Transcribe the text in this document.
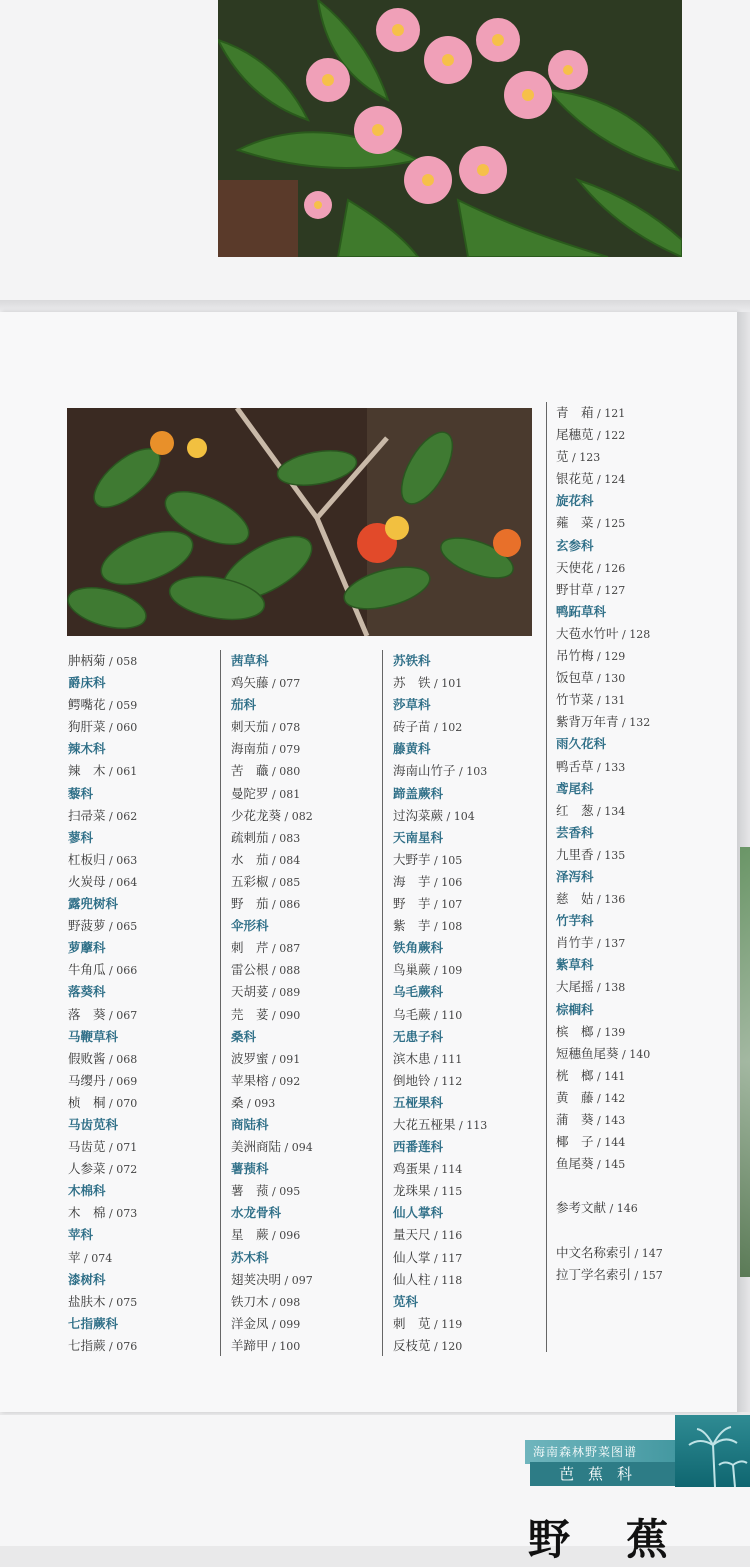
肿柄菊 / 058
爵床科
鳄嘴花 / 059
狗肝菜 / 060
辣木科
辣　木 / 061
藜科
扫帚菜 / 062
蓼科
杠板归 / 063
火炭母 / 064
露兜树科
野菠萝 / 065
萝藦科
牛角瓜 / 066
落葵科
落　葵 / 067
马鞭草科
假败酱 / 068
马缨丹 / 069
桢　桐 / 070
马齿苋科
马齿苋 / 071
人参菜 / 072
木棉科
木　棉 / 073
苹科
苹 / 074
漆树科
盐肤木 / 075
七指蕨科
七指蕨 / 076
茜草科
鸡矢藤 / 077
茄科
刺天茄 / 078
海南茄 / 079
苦　蘵 / 080
曼陀罗 / 081
少花龙葵 / 082
疏刺茄 / 083
水　茄 / 084
五彩椒 / 085
野　茄 / 086
伞形科
刺　芹 / 087
雷公根 / 088
天胡荽 / 089
芫　荽 / 090
桑科
波罗蜜 / 091
苹果榕 / 092
桑 / 093
商陆科
美洲商陆 / 094
薯蓣科
薯　蓣 / 095
水龙骨科
星　蕨 / 096
苏木科
翅荚决明 / 097
铁刀木 / 098
洋金凤 / 099
羊蹄甲 / 100
苏铁科
苏　铁 / 101
莎草科
砖子苗 / 102
藤黄科
海南山竹子 / 103
蹄盖蕨科
过沟菜蕨 / 104
天南星科
大野芋 / 105
海　芋 / 106
野　芋 / 107
紫　芋 / 108
铁角蕨科
鸟巢蕨 / 109
乌毛蕨科
乌毛蕨 / 110
无患子科
滨木患 / 111
倒地铃 / 112
五桠果科
大花五桠果 / 113
西番莲科
鸡蛋果 / 114
龙珠果 / 115
仙人掌科
量天尺 / 116
仙人掌 / 117
仙人柱 / 118
苋科
刺　苋 / 119
反枝苋 / 120
青　葙 / 121
尾穗苋 / 122
苋 / 123
银花苋 / 124
旋花科
蕹　菜 / 125
玄参科
天使花 / 126
野甘草 / 127
鸭跖草科
大苞水竹叶 / 128
吊竹梅 / 129
饭包草 / 130
竹节菜 / 131
紫背万年青 / 132
雨久花科
鸭舌草 / 133
鸢尾科
红　葱 / 134
芸香科
九里香 / 135
泽泻科
慈　姑 / 136
竹芋科
肖竹芋 / 137
紫草科
大尾摇 / 138
棕榈科
槟　榔 / 139
短穗鱼尾葵 / 140
桄　榔 / 141
黄　藤 / 142
蒲　葵 / 143
椰　子 / 144
鱼尾葵 / 145
参考文献 / 146
中文名称索引 / 147
拉丁学名索引 / 157
海南森林野菜图谱
芭蕉科
野蕉
